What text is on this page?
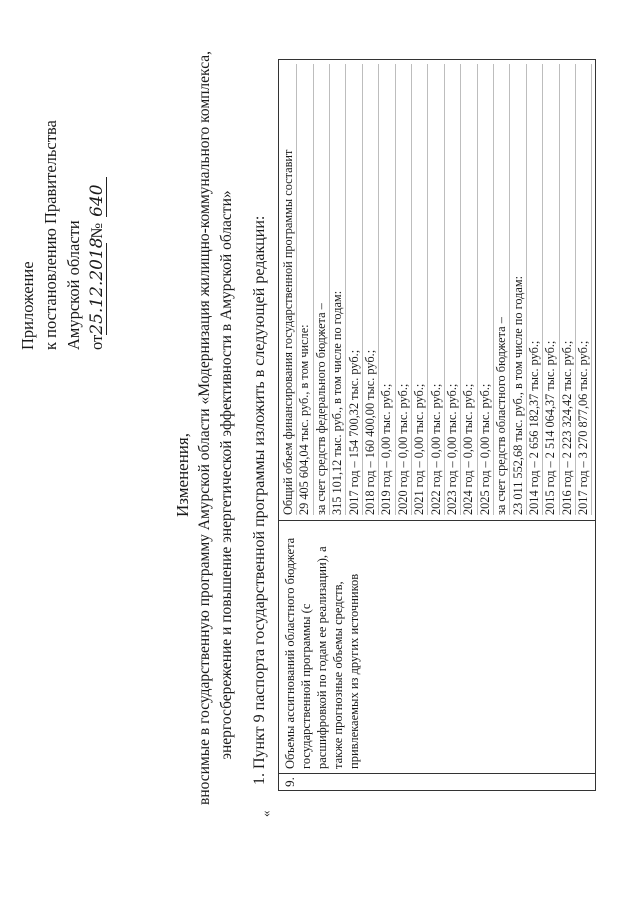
Приложение к постановлению Правительства Амурской области от25.12.2018 №640
Изменения, вносимые в государственную программу Амурской области «Модернизация жилищно-коммунального комплекса, энергосбережение и повышение энергетической эффективности в Амурской области» 1. Пункт 9 паспорта государственной программы изложить в следующей редакции:
«
9.
Объемы ассигнований областного бюджета государственной программы (с расшифровкой по годам ее реализации), а также прогнозные объемы средств, привлекаемых из других источников
Общий объем финансирования государственной программы составит 29 405 604,04 тыс. руб., в том числе: за счет средств федерального бюджета – 315 101,12 тыс. руб., в том числе по годам: 2017 год – 154 700,32 тыс. руб.; 2018 год – 160 400,00 тыс. руб.; 2019 год – 0,00 тыс. руб.; 2020 год – 0,00 тыс. руб.; 2021 год – 0,00 тыс. руб.; 2022 год – 0,00 тыс. руб.; 2023 год – 0,00 тыс. руб.; 2024 год – 0,00 тыс. руб.; 2025 год – 0,00 тыс. руб.; за счет средств областного бюджета – 23 011 552,68 тыс. руб., в том числе по годам: 2014 год – 2 656 182,37 тыс. руб.; 2015 год – 2 514 064,37 тыс. руб.; 2016 год – 2 223 324,42 тыс. руб.; 2017 год – 3 270 877,06 тыс. руб.;
